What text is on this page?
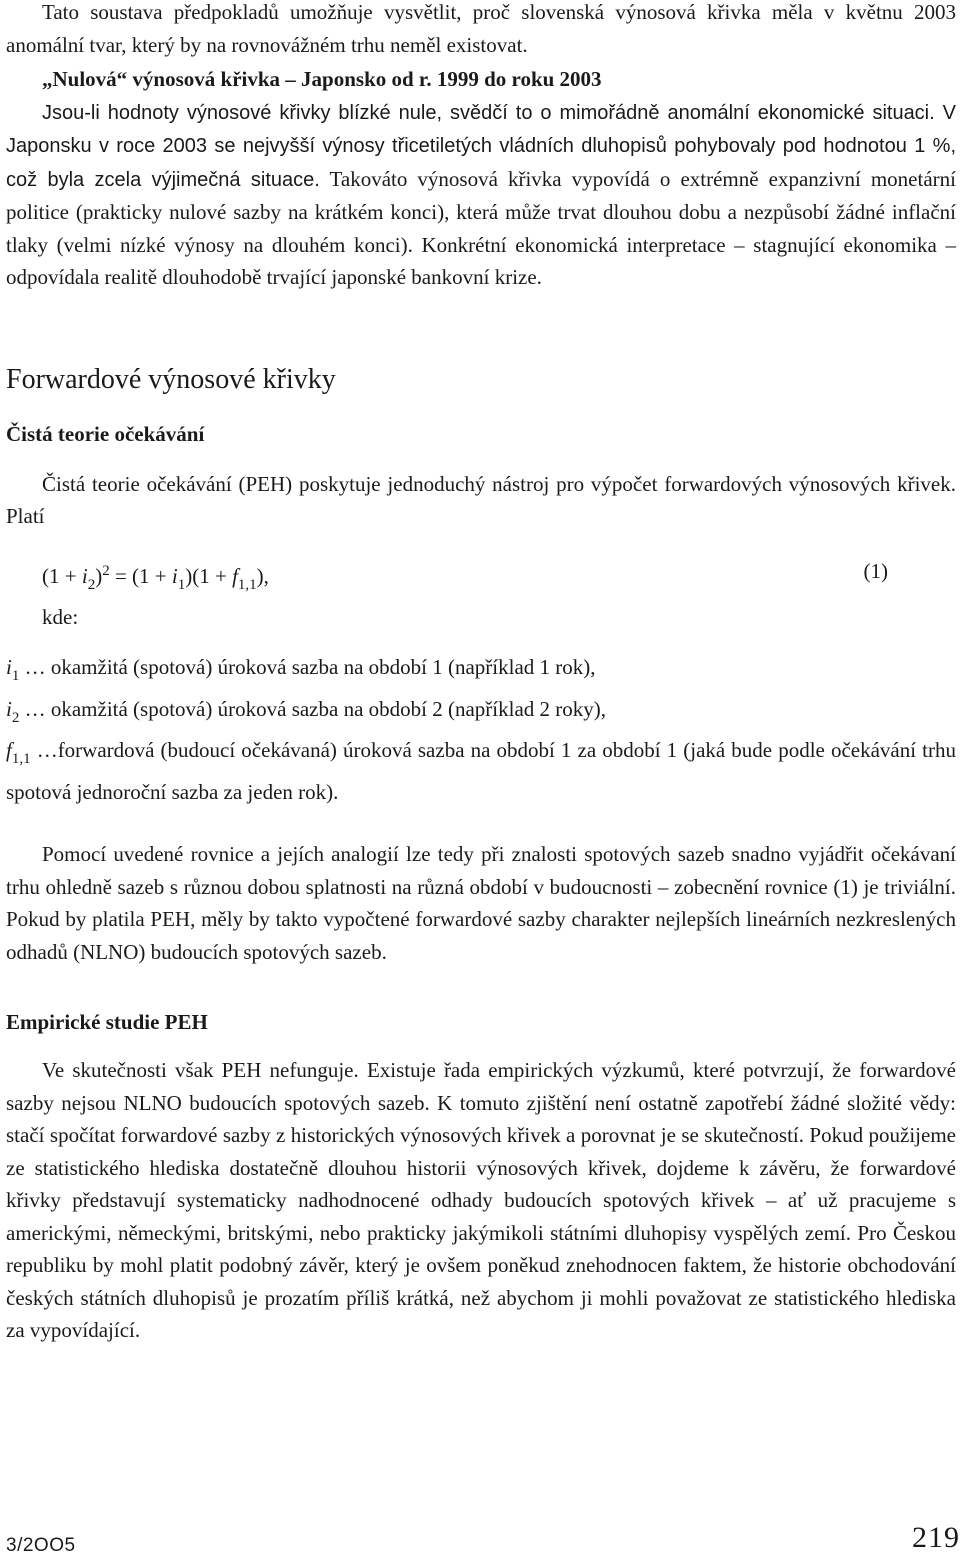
Tato soustava předpokladů umožňuje vysvětlit, proč slovenská výnosová křivka měla v květnu 2003 anomální tvar, který by na rovnovážném trhu neměl existovat.

„Nulová“ výnosová křivka – Japonsko od r. 1999 do roku 2003

Jsou-li hodnoty výnosové křivky blízké nule, svědčí to o mimořádně anomální ekonomické situaci. V Japonsku v roce 2003 se nejvyšší výnosy třicetiletých vládních dluhopisů pohybovaly pod hodnotou 1 %, což byla zcela výjimečná situace. Takováto výnosová křivka vypovídá o extrémně expanzivní monetární politice (prakticky nulové sazby na krátkém konci), která může trvat dlouhou dobu a nezpůsobí žádné inflační tlaky (velmi nízké výnosy na dlouhém konci). Konkrétní ekonomická interpretace – stagnující ekonomika – odpovídala realitě dlouhodobě trvající japonské bankovní krize.

Forwardové výnosové křivky
Čistá teorie očekávání

Čistá teorie očekávání (PEH) poskytuje jednoduchý nástroj pro výpočet forwardových výnosových křivek. Platí

$(1 + i_2)^2 = (1 + i_1)(1 + f_{1,1})$,	(1)

kde:

$i_1$ … okamžitá (spotová) úroková sazba na období 1 (například 1 rok),

$i_2$ … okamžitá (spotová) úroková sazba na období 2 (například 2 roky),

$f_{1,1}$ …forwardová (budoucí očekávaná) úroková sazba na období 1 za období 1 (jaká bude podle očekávání trhu spotová jednoroční sazba za jeden rok).

Pomocí uvedené rovnice a jejích analogií lze tedy při znalosti spotových sazeb snadno vyjádřit očekávaní trhu ohledně sazeb s různou dobou splatnosti na různá období v budoucnosti – zobecnění rovnice (1) je triviální. Pokud by platila PEH, měly by takto vypočtené forwardové sazby charakter nejlepších lineárních nezkreslených odhadů (NLNO) budoucích spotových sazeb.

Empirické studie PEH

Ve skutečnosti však PEH nefunguje. Existuje řada empirických výzkumů, které potvrzují, že forwardové sazby nejsou NLNO budoucích spotových sazeb. K tomuto zjištění není ostatně zapotřebí žádné složité vědy: stačí spočítat forwardové sazby z historických výnosových křivek a porovnat je se skutečností. Pokud použijeme ze statistického hlediska dostatečně dlouhou historii výnosových křivek, dojdeme k závěru, že forwardové křivky představují systematicky nadhodnocené odhady budoucích spotových křivek – ať už pracujeme s americkými, německými, britskými, nebo prakticky jakýmikoli státními dluhopisy vyspělých zemí. Pro Českou republiku by mohl platit podobný závěr, který je ovšem poněkud znehodnocen faktem, že historie obchodování českých státních dluhopisů je prozatím příliš krátká, než abychom ji mohli považovat ze statistického hlediska za vypovídající.

3/2OO5	219
